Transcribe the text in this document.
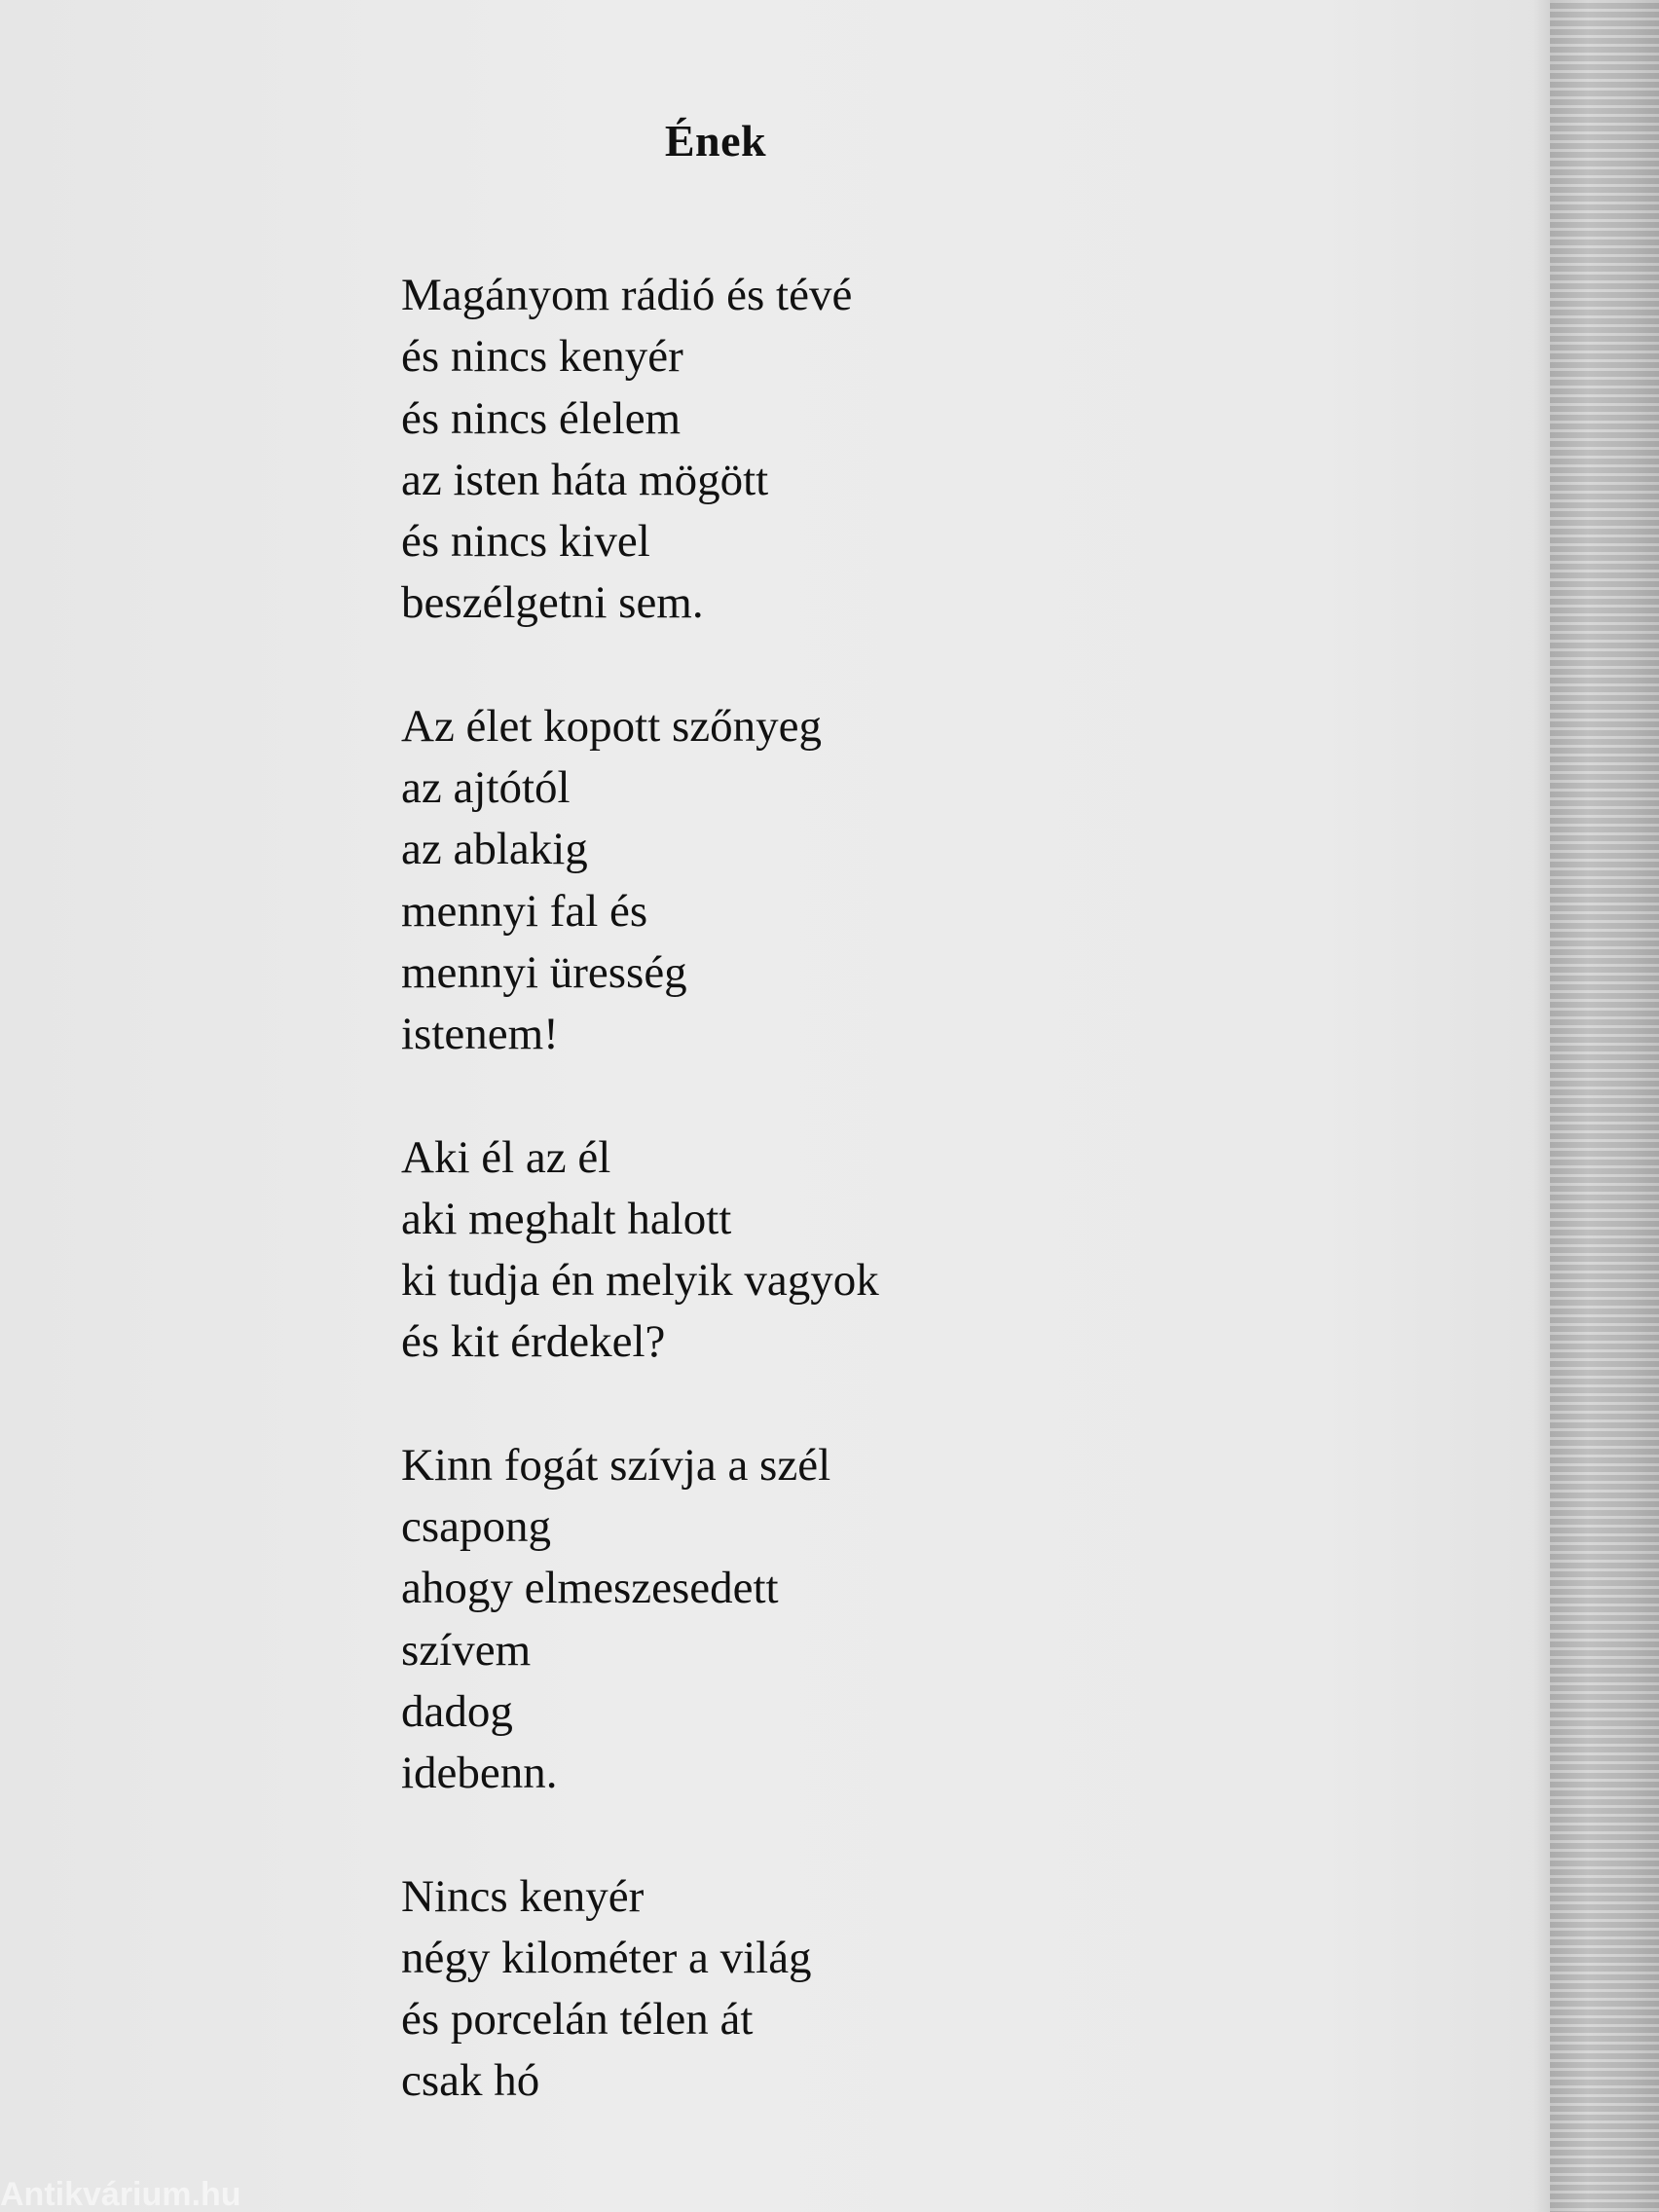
Ének
Magányom rádió és tévé
és nincs kenyér
és nincs élelem
az isten háta mögött
és nincs kivel
beszélgetni sem.
Az élet kopott szőnyeg
az ajtótól
az ablakig
mennyi fal és
mennyi üresség
istenem!
Aki él az él
aki meghalt halott
ki tudja én melyik vagyok
és kit érdekel?
Kinn fogát szívja a szél
csapong
ahogy elmeszesedett
szívem
dadog
idebenn.
Nincs kenyér
négy kilométer a világ
és porcelán télen át
csak hó
Antikvárium.hu
